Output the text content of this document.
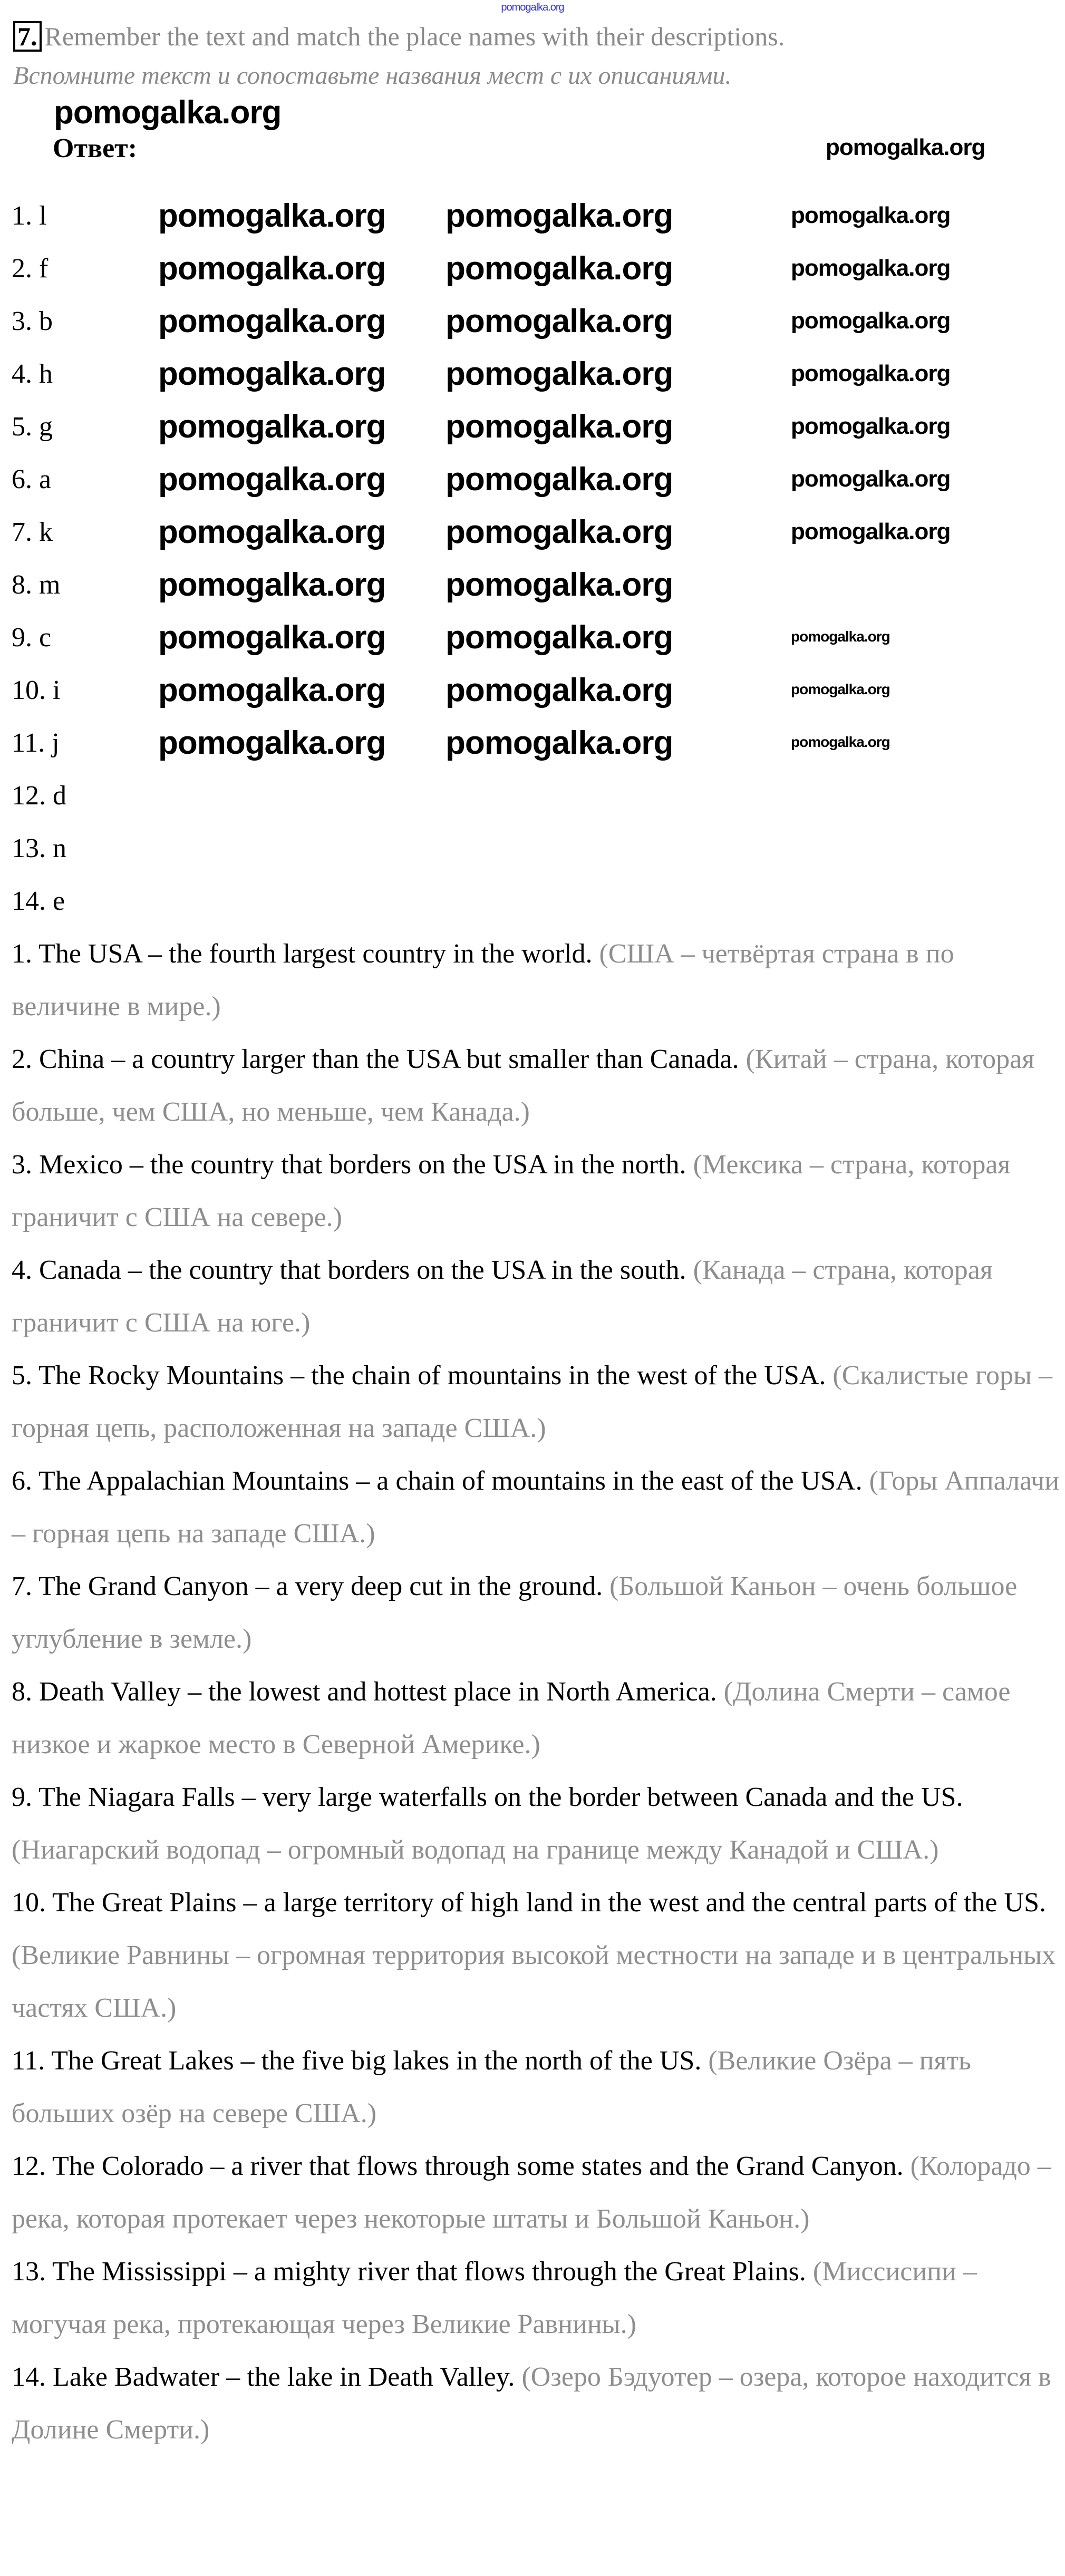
pomogalka.org
7. Remember the text and match the place names with their descriptions.
Вспомните текст и сопоставьте названия мест с их описаниями.
Ответ:
1. l
2. f
3. b
4. h
5. g
6. a
7. k
8. m
9. c
10. i
11. j
12. d
13. n
14. e

1. The USA – the fourth largest country in the world. (США – четвёртая страна в по величине в мире.)

2. China – a country larger than the USA but smaller than Canada. (Китай – страна, которая больше, чем США, но меньше, чем Канада.)

3. Mexico – the country that borders on the USA in the north. (Мексика – страна, которая граничит с США на севере.)

4. Canada – the country that borders on the USA in the south. (Канада – страна, которая граничит с США на юге.)

5. The Rocky Mountains – the chain of mountains in the west of the USA. (Скалистые горы – горная цепь, расположенная на западе США.)

6. The Appalachian Mountains – a chain of mountains in the east of the USA. (Горы Аппалачи – горная цепь на западе США.)

7. The Grand Canyon – a very deep cut in the ground. (Большой Каньон – очень большое углубление в земле.)

8. Death Valley – the lowest and hottest place in North America. (Долина Смерти – самое низкое и жаркое место в Северной Америке.)

9. The Niagara Falls – very large waterfalls on the border between Canada and the US. (Ниагарский водопад – огромный водопад на границе между Канадой и США.)

10. The Great Plains – a large territory of high land in the west and the central parts of the US. (Великие Равнины – огромная территория высокой местности на западе и в центральных частях США.)

11. The Great Lakes – the five big lakes in the north of the US. (Великие Озёра – пять больших озёр на севере США.)

12. The Colorado – a river that flows through some states and the Grand Canyon. (Колорадо – река, которая протекает через некоторые штаты и Большой Каньон.)

13. The Mississippi – a mighty river that flows through the Great Plains. (Миссисипи – могучая река, протекающая через Великие Равнины.)

14. Lake Badwater – the lake in Death Valley. (Озеро Бэдуотер – озера, которое находится в Долине Смерти.)

pomogalka.org
pomogalka.org
pomogalka.org pomogalka.org
pomogalka.org pomogalka.org
pomogalka.org pomogalka.org
pomogalka.org pomogalka.org
pomogalka.org pomogalka.org
pomogalka.org pomogalka.org
pomogalka.org pomogalka.org
pomogalka.org pomogalka.org
pomogalka.org pomogalka.org
pomogalka.org pomogalka.org
pomogalka.org pomogalka.org
pomogalka.org
pomogalka.org
pomogalka.org
pomogalka.org
pomogalka.org
pomogalka.org
pomogalka.org
pomogalka.org
pomogalka.org
pomogalka.org
